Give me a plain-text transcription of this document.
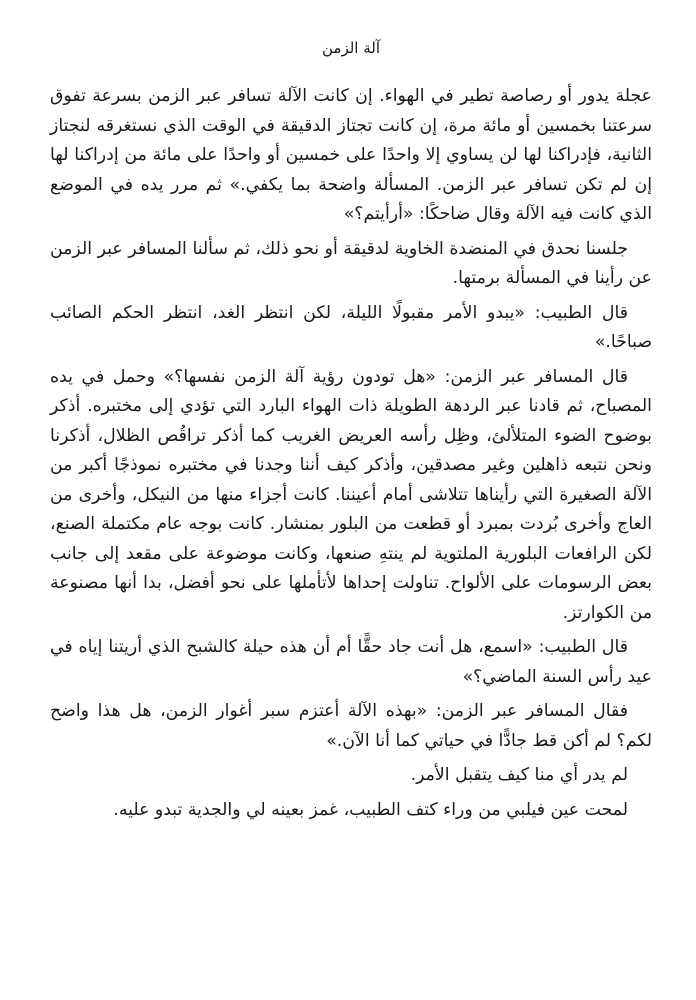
آلة الزمن

عجلة يدور أو رصاصة تطير في الهواء. إن كانت الآلة تسافر عبر الزمن بسرعة تفوق سرعتنا بخمسين أو مائة مرة، إن كانت تجتاز الدقيقة في الوقت الذي نستغرقه لنجتاز الثانية، فإدراكنا لها لن يساوي إلا واحدًا على خمسين أو واحدًا على مائة من إدراكنا لها إن لم تكن تسافر عبر الزمن. المسألة واضحة بما يكفي.» ثم مرر يده في الموضع الذي كانت فيه الآلة وقال ضاحكًا: «أرأيتم؟»

جلسنا نحدق في المنضدة الخاوية لدقيقة أو نحو ذلك، ثم سألنا المسافر عبر الزمن عن رأينا في المسألة برمتها.

قال الطبيب: «يبدو الأمر مقبولًا الليلة، لكن انتظر الغد، انتظر الحكم الصائب صباحًا.»

قال المسافر عبر الزمن: «هل تودون رؤية آلة الزمن نفسها؟» وحمل في يده المصباح، ثم قادنا عبر الردهة الطويلة ذات الهواء البارد التي تؤدي إلى مختبره. أذكر بوضوح الضوء المتلألئ، وظِل رأسه العريض الغريب كما أذكر تراقُص الظلال، أذكرنا ونحن نتبعه ذاهلين وغير مصدقين، وأذكر كيف أننا وجدنا في مختبره نموذجًا أكبر من الآلة الصغيرة التي رأيناها تتلاشى أمام أعيننا. كانت أجزاء منها من النيكل، وأخرى من العاج وأخرى بُردت بمبرد أو قطعت من البلور بمنشار. كانت بوجه عام مكتملة الصنع، لكن الرافعات البلورية الملتوية لم ينتهِ صنعها، وكانت موضوعة على مقعد إلى جانب بعض الرسومات على الألواح. تناولت إحداها لأتأملها على نحو أفضل، بدا أنها مصنوعة من الكوارتز.

قال الطبيب: «اسمع، هل أنت جاد حقًّا أم أن هذه حيلة كالشبح الذي أريتنا إياه في عيد رأس السنة الماضي؟»

فقال المسافر عبر الزمن: «بهذه الآلة أعتزم سبر أغوار الزمن، هل هذا واضح لكم؟ لم أكن قط جادًّا في حياتي كما أنا الآن.»

لم يدر أي منا كيف يتقبل الأمر.

لمحت عين فيلبي من وراء كتف الطبيب، غمز بعينه لي والجدية تبدو عليه.
